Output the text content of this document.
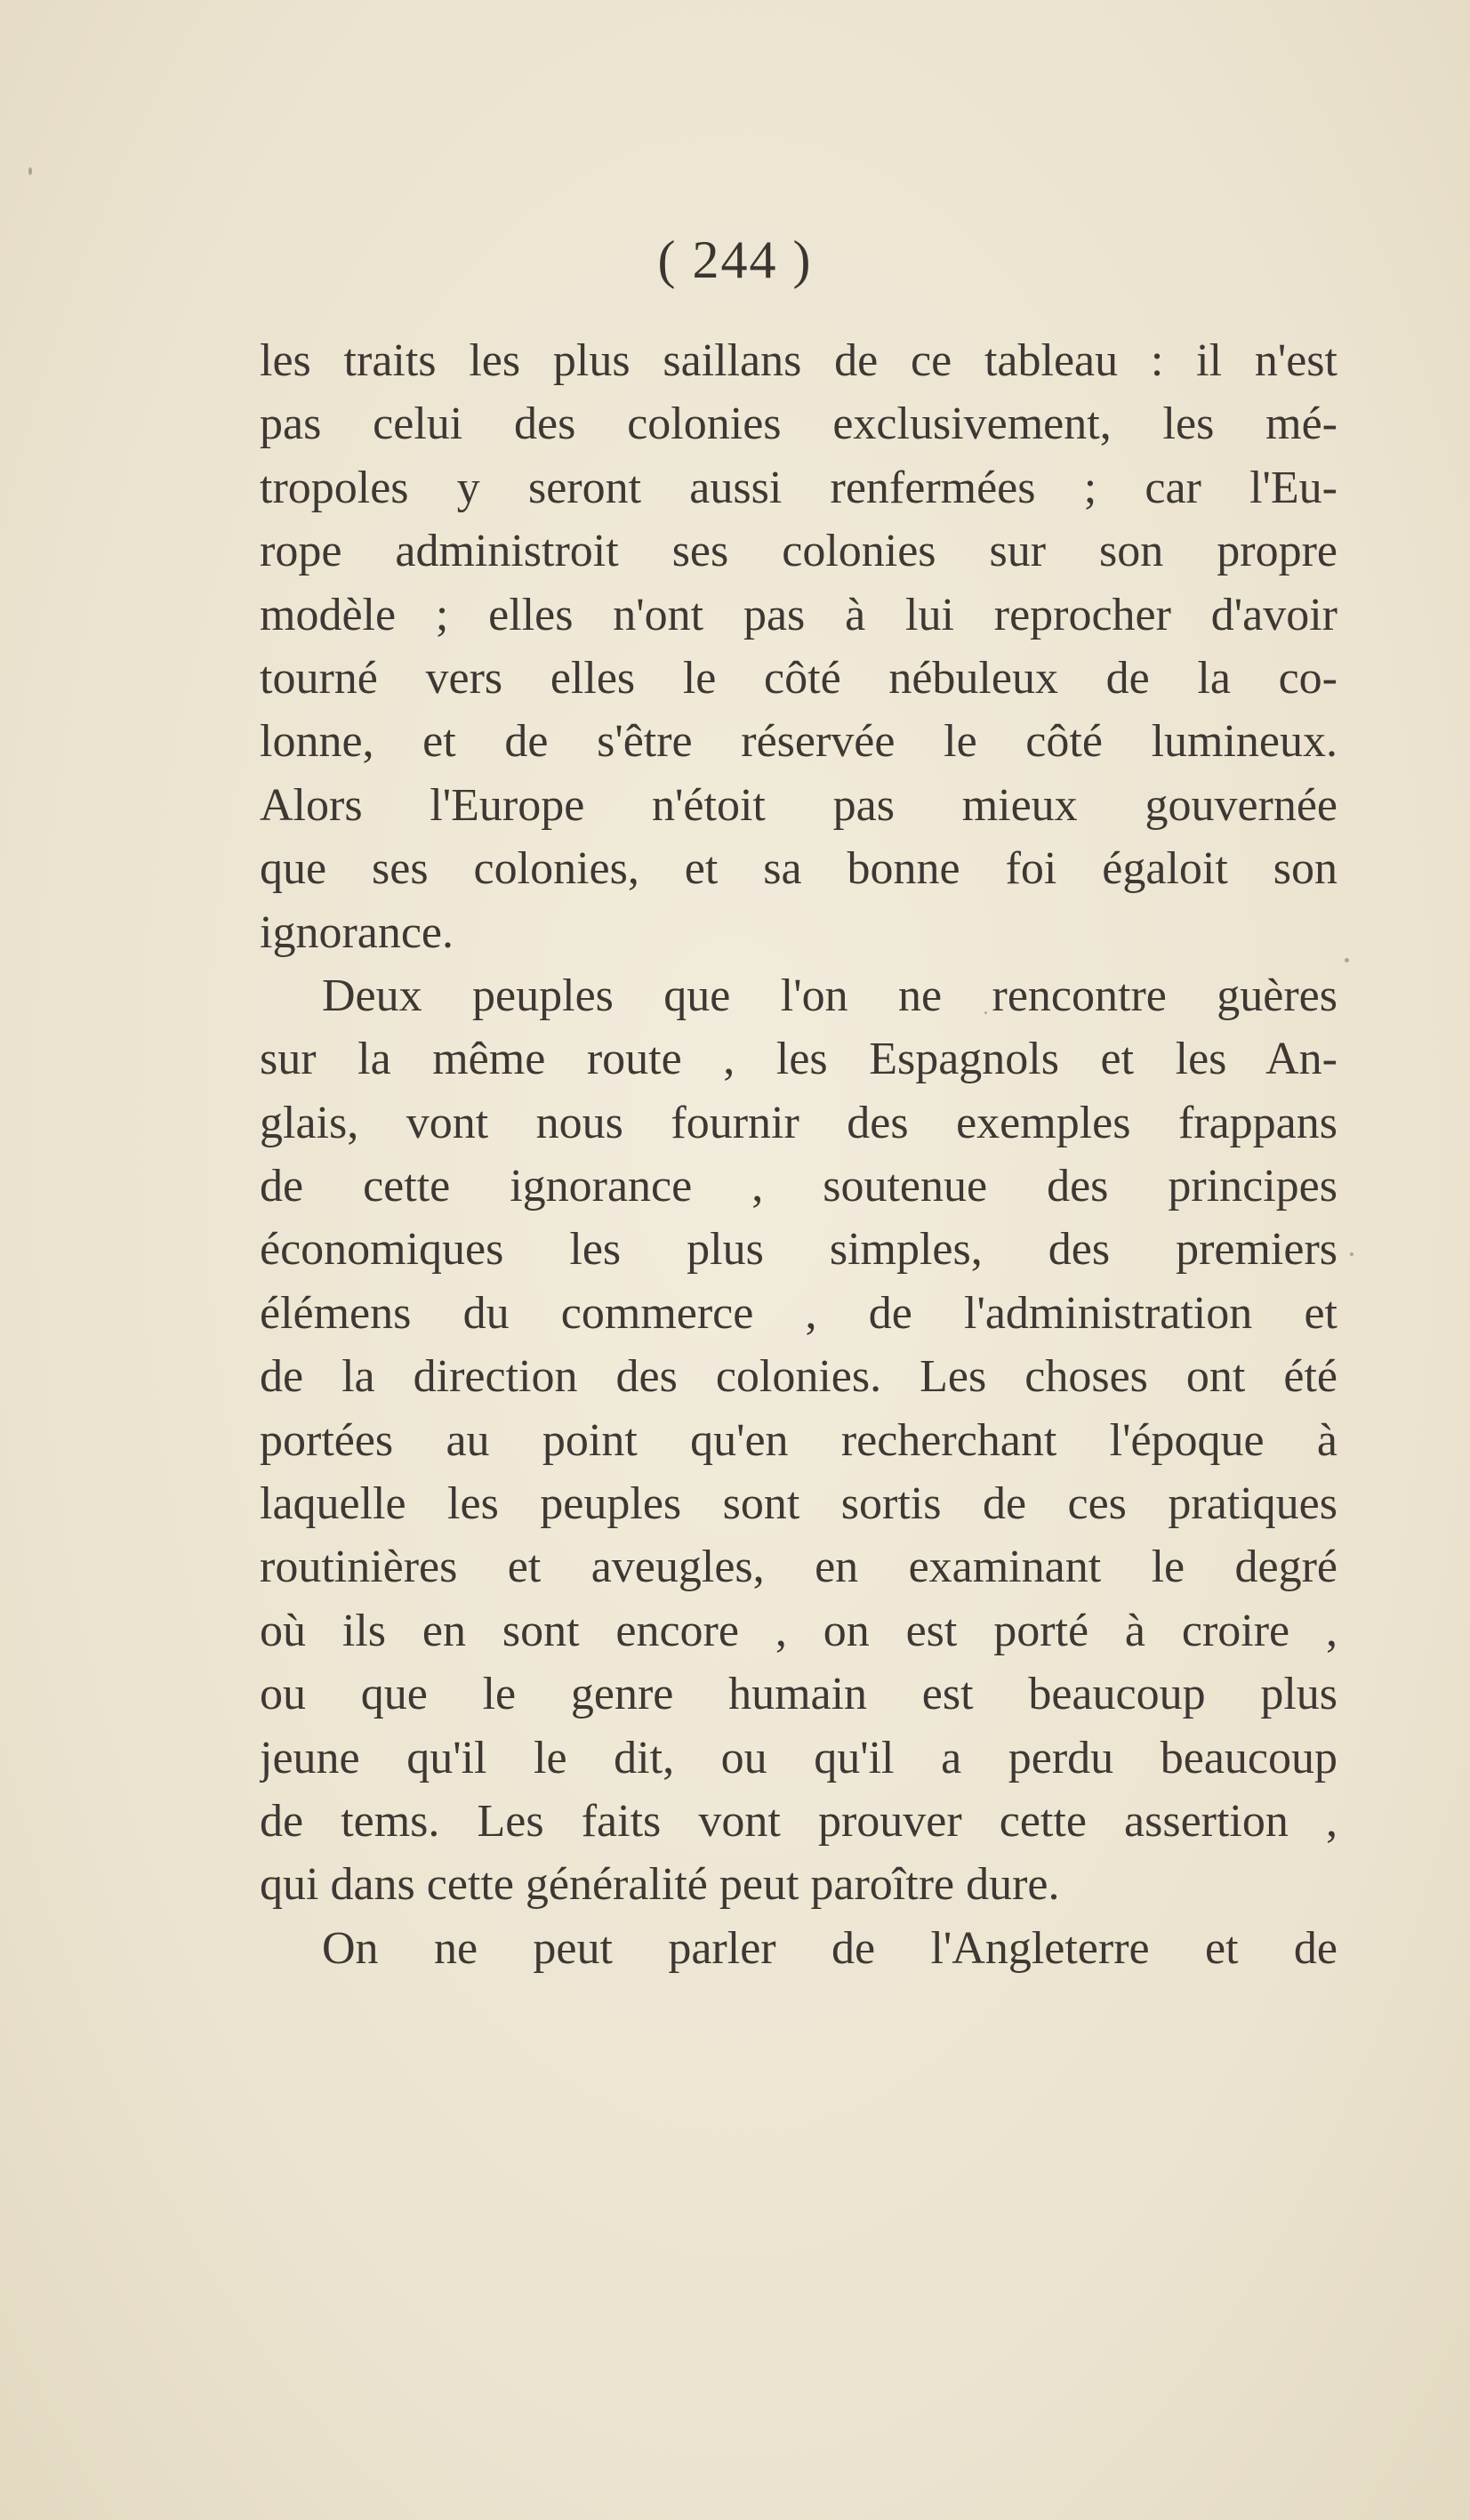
( 244 )
les traits les plus saillans de ce tableau : il n'est
pas celui des colonies exclusivement, les mé-
tropoles y seront aussi renfermées ; car l'Eu-
rope administroit ses colonies sur son propre
modèle ; elles n'ont pas à lui reprocher d'avoir
tourné vers elles le côté nébuleux de la co-
lonne, et de s'être réservée le côté lumineux.
Alors l'Europe n'étoit pas mieux gouvernée
que ses colonies, et sa bonne foi égaloit son
ignorance.
Deux peuples que l'on ne rencontre guères
sur la même route , les Espagnols et les An-
glais, vont nous fournir des exemples frappans
de cette ignorance , soutenue des principes
économiques les plus simples, des premiers
élémens du commerce , de l'administration et
de la direction des colonies. Les choses ont été
portées au point qu'en recherchant l'époque à
laquelle les peuples sont sortis de ces pratiques
routinières et aveugles, en examinant le degré
où ils en sont encore , on est porté à croire ,
ou que le genre humain est beaucoup plus
jeune qu'il le dit, ou qu'il a perdu beaucoup
de tems. Les faits vont prouver cette assertion ,
qui dans cette généralité peut paroître dure.
On ne peut parler de l'Angleterre et de
